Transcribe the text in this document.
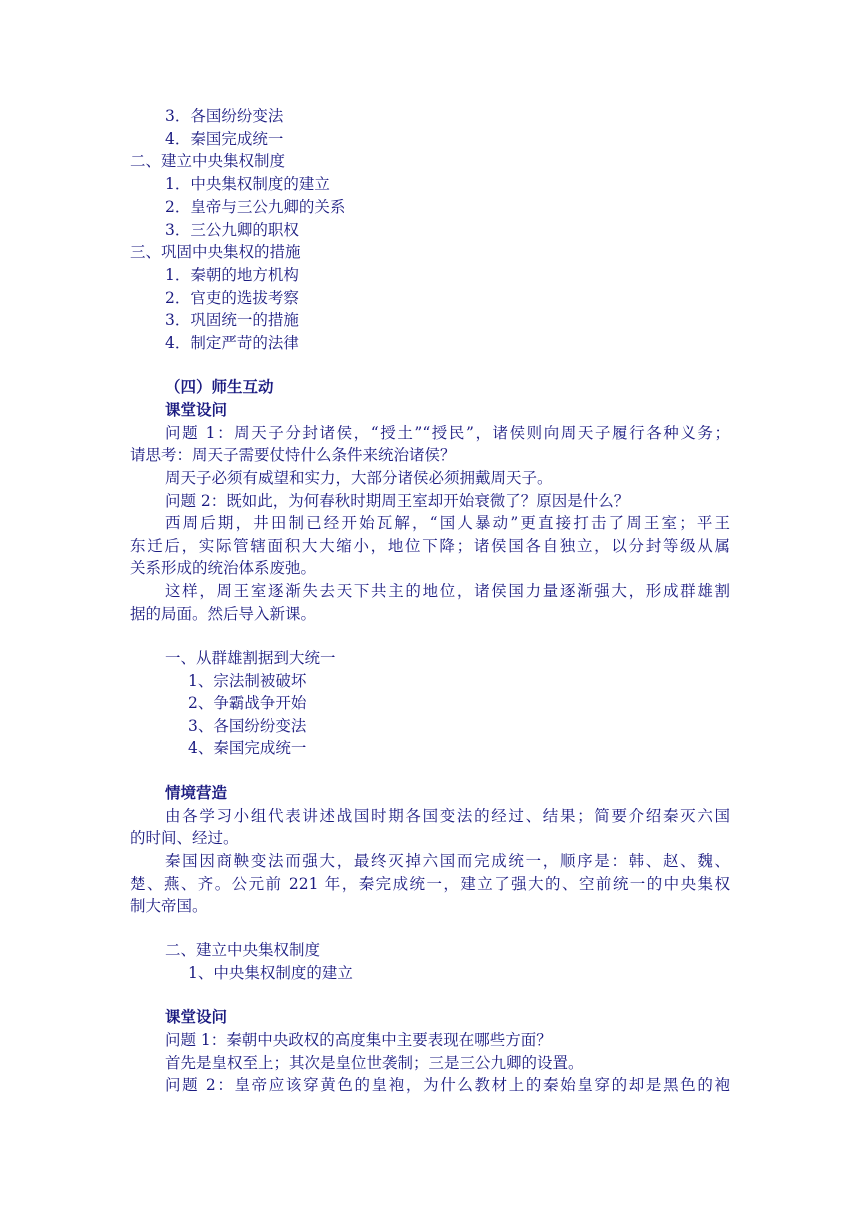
3．各国纷纷变法
4．秦国完成统一
二、建立中央集权制度
1．中央集权制度的建立
2．皇帝与三公九卿的关系
3．三公九卿的职权
三、巩固中央集权的措施
1．秦朝的地方机构
2．官吏的选拔考察
3．巩固统一的措施
4．制定严苛的法律
（四）师生互动
课堂设问
问题 1：周天子分封诸侯，“授土”“授民”，诸侯则向周天子履行各种义务；
请思考：周天子需要仗恃什么条件来统治诸侯？
周天子必须有威望和实力，大部分诸侯必须拥戴周天子。
问题 2：既如此，为何春秋时期周王室却开始衰微了？原因是什么？
西周后期，井田制已经开始瓦解，“国人暴动”更直接打击了周王室；平王
东迁后，实际管辖面积大大缩小，地位下降；诸侯国各自独立，以分封等级从属
关系形成的统治体系废弛。
这样，周王室逐渐失去天下共主的地位，诸侯国力量逐渐强大，形成群雄割
据的局面。然后导入新课。
一、从群雄割据到大统一
1、宗法制被破坏
2、争霸战争开始
3、各国纷纷变法
4、秦国完成统一
情境营造
由各学习小组代表讲述战国时期各国变法的经过、结果；简要介绍秦灭六国
的时间、经过。
秦国因商鞅变法而强大，最终灭掉六国而完成统一，顺序是：韩、赵、魏、
楚、燕、齐。公元前 221 年，秦完成统一，建立了强大的、空前统一的中央集权
制大帝国。
二、建立中央集权制度
1、中央集权制度的建立
课堂设问
问题 1：秦朝中央政权的高度集中主要表现在哪些方面？
首先是皇权至上；其次是皇位世袭制；三是三公九卿的设置。
问题 2：皇帝应该穿黄色的皇袍，为什么教材上的秦始皇穿的却是黑色的袍
